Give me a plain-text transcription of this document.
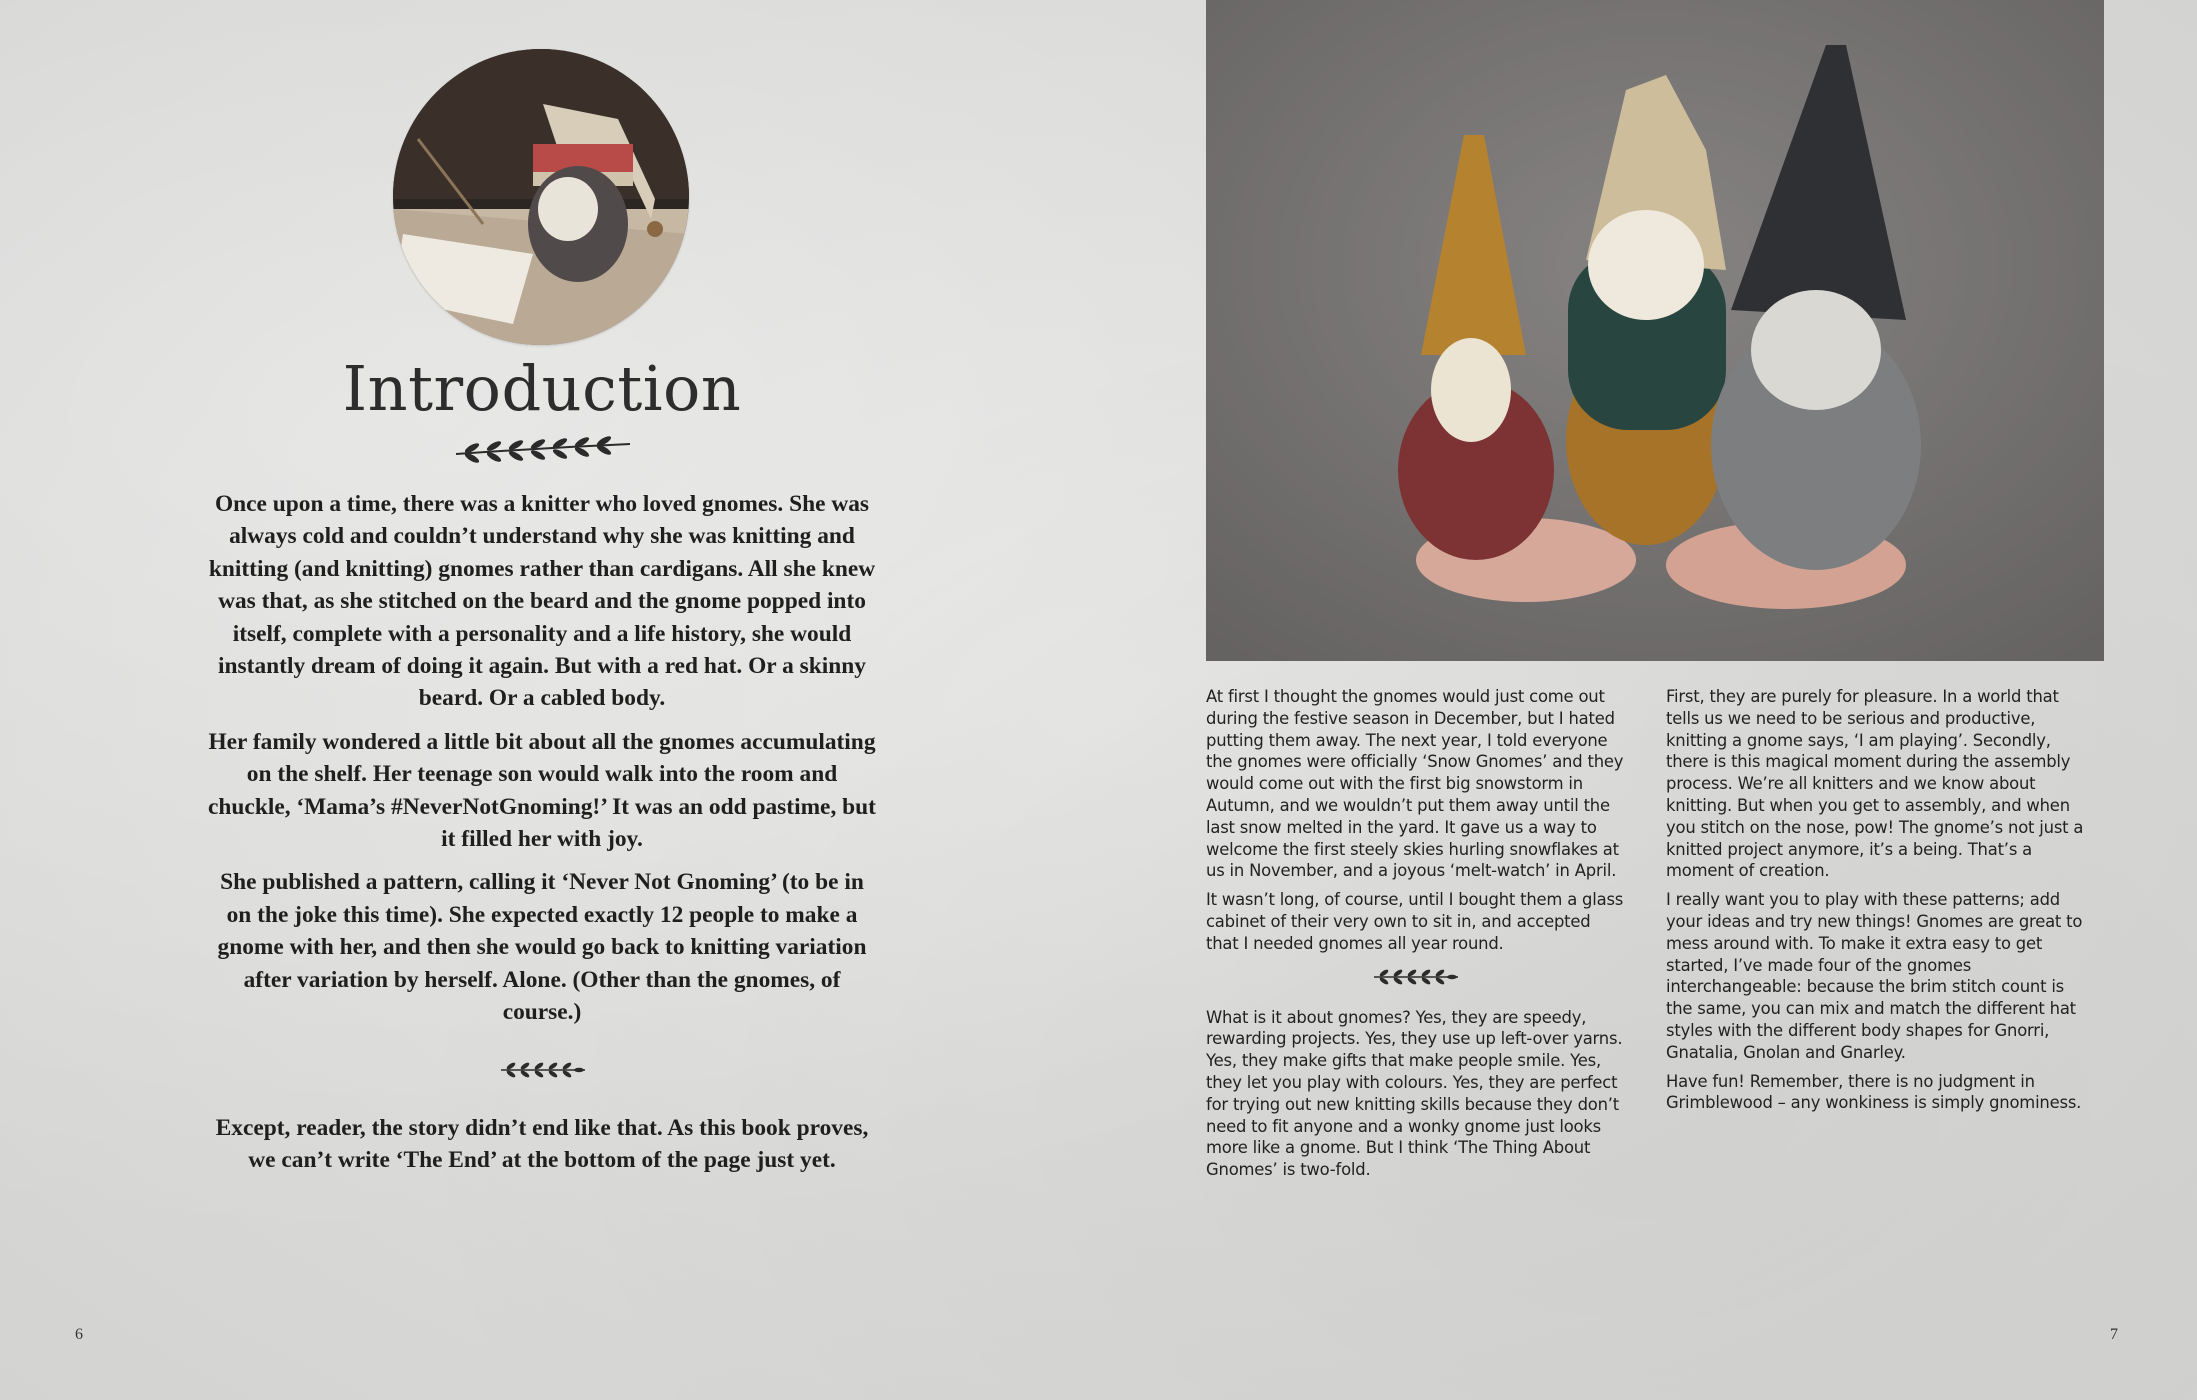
Introduction

Once upon a time, there was a knitter who loved gnomes. She was always cold and couldn’t understand why she was knitting and knitting (and knitting) gnomes rather than cardigans. All she knew was that, as she stitched on the beard and the gnome popped into itself, complete with a personality and a life history, she would instantly dream of doing it again. But with a red hat. Or a skinny beard. Or a cabled body.

Her family wondered a little bit about all the gnomes accumulating on the shelf. Her teenage son would walk into the room and chuckle, ‘Mama’s #NeverNotGnoming!’ It was an odd pastime, but it filled her with joy.

She published a pattern, calling it ‘Never Not Gnoming’ (to be in on the joke this time). She expected exactly 12 people to make a gnome with her, and then she would go back to knitting variation after variation by herself. Alone. (Other than the gnomes, of course.)

Except, reader, the story didn’t end like that. As this book proves, we can’t write ‘The End’ at the bottom of the page just yet.
6

At first I thought the gnomes would just come out during the festive season in December, but I hated putting them away. The next year, I told everyone the gnomes were officially ‘Snow Gnomes’ and they would come out with the first big snowstorm in Autumn, and we wouldn’t put them away until the last snow melted in the yard. It gave us a way to welcome the first steely skies hurling snowflakes at us in November, and a joyous ‘melt-watch’ in April.

It wasn’t long, of course, until I bought them a glass cabinet of their very own to sit in, and accepted that I needed gnomes all year round.

What is it about gnomes? Yes, they are speedy, rewarding projects. Yes, they use up left-over yarns. Yes, they make gifts that make people smile. Yes, they let you play with colours. Yes, they are perfect for trying out new knitting skills because they don’t need to fit anyone and a wonky gnome just looks more like a gnome. But I think ‘The Thing About Gnomes’ is two-fold.

First, they are purely for pleasure. In a world that tells us we need to be serious and productive, knitting a gnome says, ‘I am playing’. Secondly, there is this magical moment during the assembly process. We’re all knitters and we know about knitting. But when you get to assembly, and when you stitch on the nose, pow! The gnome’s not just a knitted project anymore, it’s a being. That’s a moment of creation.

I really want you to play with these patterns; add your ideas and try new things! Gnomes are great to mess around with. To make it extra easy to get started, I’ve made four of the gnomes interchangeable: because the brim stitch count is the same, you can mix and match the different hat styles with the different body shapes for Gnorri, Gnatalia, Gnolan and Gnarley.

Have fun! Remember, there is no judgment in Grimblewood – any wonkiness is simply gnominess.

7
